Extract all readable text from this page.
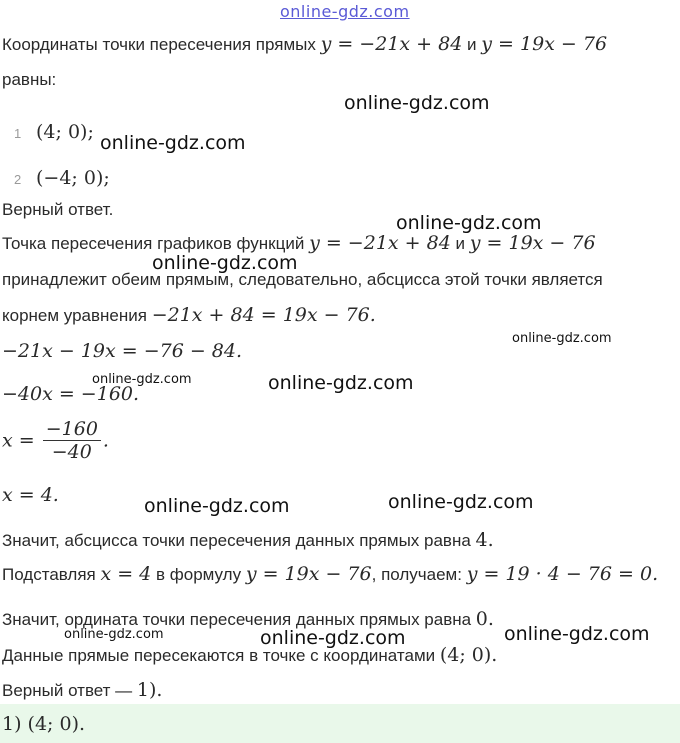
online-gdz.com
Координаты точки пересечения прямых y = −21x + 84 и y = 19x − 76
равны:
online-gdz.com
1 (4; 0); online-gdz.com
2 (−4; 0);
Верный ответ.
online-gdz.com
Точка пересечения графиков функций y = −21x + 84 и y = 19x − 76
online-gdz.com
принадлежит обеим прямым, следовательно, абсцисса этой точки является
корнем уравнения −21x + 84 = 19x − 76.
online-gdz.com
−21x − 19x = −76 − 84.
online-gdz.com	online-gdz.com
−40x = −160.
$x = \frac{-160}{-40}$ .
x = 4.	online-gdz.com	online-gdz.com
Значит, абсцисса точки пересечения данных прямых равна 4.
Подставляя x = 4 в формулу y = 19x − 76, получаем: y = 19 · 4 − 76 = 0.
Значит, ордината точки пересечения данных прямых равна 0.
online-gdz.com	online-gdz.com	online-gdz.com
Данные прямые пересекаются в точке с координатами (4; 0).
Верный ответ — 1).
1) (4; 0).
